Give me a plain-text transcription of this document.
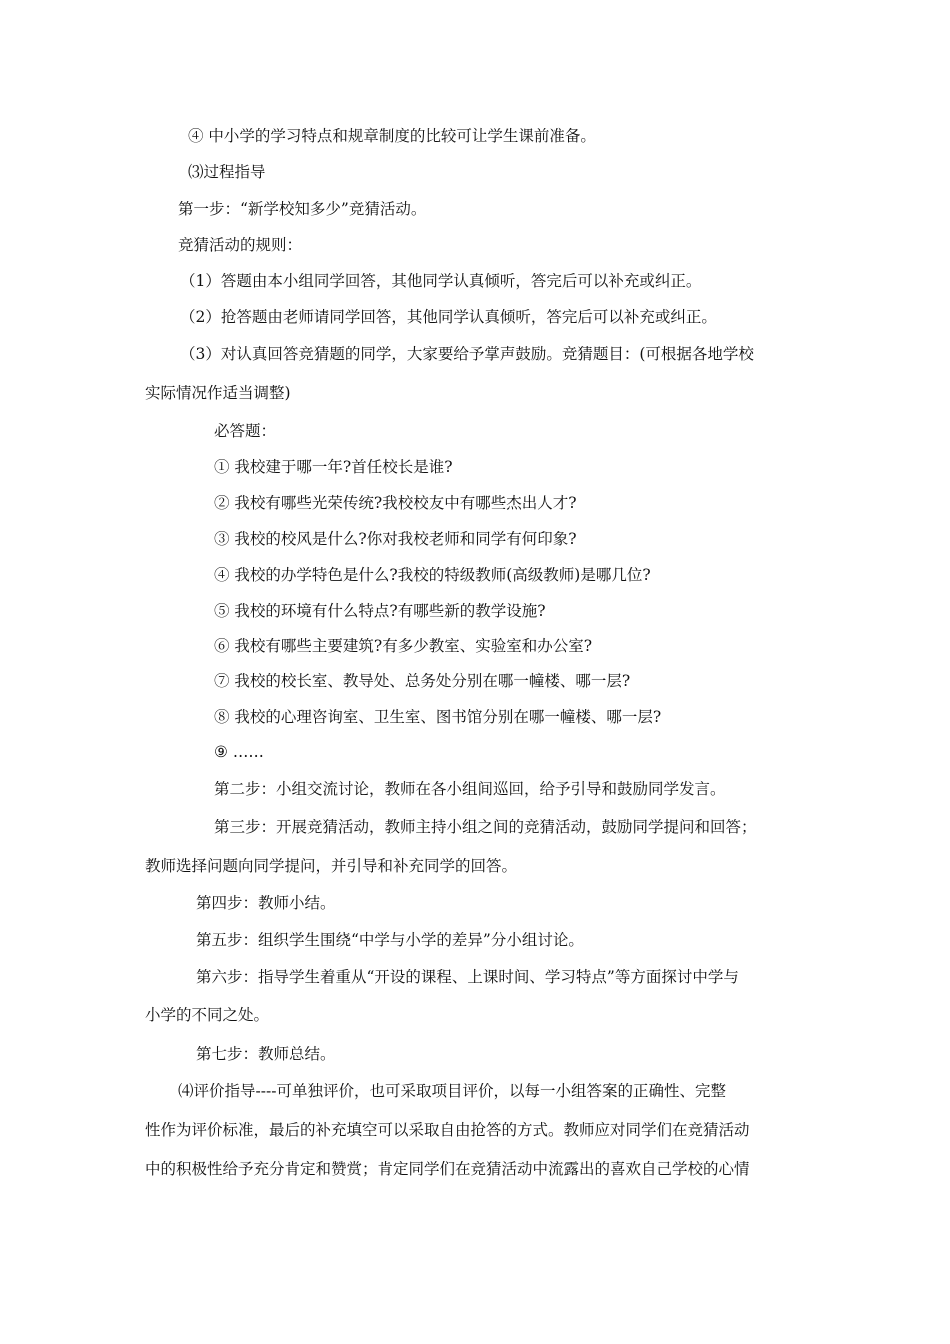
④ 中小学的学习特点和规章制度的比较可让学生课前准备。
⑶过程指导
第一步：“新学校知多少”竞猜活动。
竞猜活动的规则：
（1）答题由本小组同学回答，其他同学认真倾听，答完后可以补充或纠正。
（2）抢答题由老师请同学回答，其他同学认真倾听，答完后可以补充或纠正。
（3）对认真回答竞猜题的同学，大家要给予掌声鼓励。竞猜题目：(可根据各地学校
实际情况作适当调整)
必答题：
① 我校建于哪一年?首任校长是谁?
② 我校有哪些光荣传统?我校校友中有哪些杰出人才?
③ 我校的校风是什么?你对我校老师和同学有何印象?
④ 我校的办学特色是什么?我校的特级教师(高级教师)是哪几位?
⑤ 我校的环境有什么特点?有哪些新的教学设施?
⑥ 我校有哪些主要建筑?有多少教室、实验室和办公室?
⑦ 我校的校长室、教导处、总务处分别在哪一幢楼、哪一层?
⑧ 我校的心理咨询室、卫生室、图书馆分别在哪一幢楼、哪一层?
⑨ ……
第二步：小组交流讨论，教师在各小组间巡回，给予引导和鼓励同学发言。
第三步：开展竞猜活动，教师主持小组之间的竞猜活动，鼓励同学提问和回答；
教师选择问题向同学提问，并引导和补充同学的回答。
第四步：教师小结。
第五步：组织学生围绕“中学与小学的差异”分小组讨论。
第六步：指导学生着重从“开设的课程、上课时间、学习特点”等方面探讨中学与
小学的不同之处。
第七步：教师总结。
⑷评价指导----可单独评价，也可采取项目评价，以每一小组答案的正确性、完整
性作为评价标准，最后的补充填空可以采取自由抢答的方式。教师应对同学们在竞猜活动
中的积极性给予充分肯定和赞赏；肯定同学们在竞猜活动中流露出的喜欢自己学校的心情
